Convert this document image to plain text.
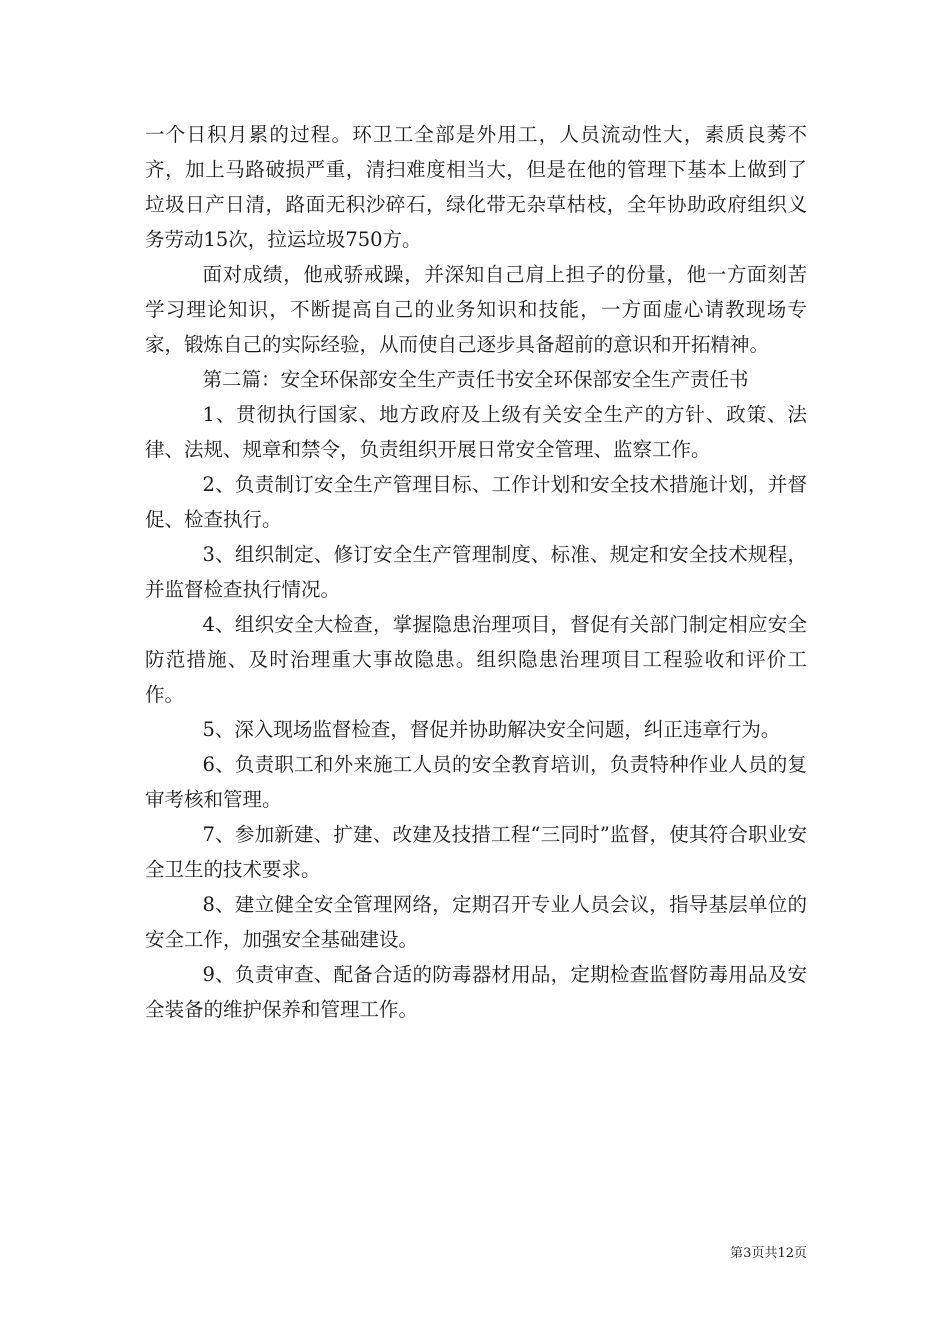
一个日积月累的过程。环卫工全部是外用工，人员流动性大，素质良莠不齐，加上马路破损严重，清扫难度相当大，但是在他的管理下基本上做到了垃圾日产日清，路面无积沙碎石，绿化带无杂草枯枝，全年协助政府组织义务劳动15次，拉运垃圾750方。

面对成绩，他戒骄戒躁，并深知自己肩上担子的份量，他一方面刻苦学习理论知识，不断提高自己的业务知识和技能，一方面虚心请教现场专家，锻炼自己的实际经验，从而使自己逐步具备超前的意识和开拓精神。

第二篇：安全环保部安全生产责任书安全环保部安全生产责任书

1、贯彻执行国家、地方政府及上级有关安全生产的方针、政策、法律、法规、规章和禁令，负责组织开展日常安全管理、监察工作。

2、负责制订安全生产管理目标、工作计划和安全技术措施计划，并督促、检查执行。

3、组织制定、修订安全生产管理制度、标准、规定和安全技术规程，并监督检查执行情况。

4、组织安全大检查，掌握隐患治理项目，督促有关部门制定相应安全防范措施、及时治理重大事故隐患。组织隐患治理项目工程验收和评价工作。

5、深入现场监督检查，督促并协助解决安全问题，纠正违章行为。

6、负责职工和外来施工人员的安全教育培训，负责特种作业人员的复审考核和管理。

7、参加新建、扩建、改建及技措工程“三同时”监督，使其符合职业安全卫生的技术要求。

8、建立健全安全管理网络，定期召开专业人员会议，指导基层单位的安全工作，加强安全基础建设。

9、负责审查、配备合适的防毒器材用品，定期检查监督防毒用品及安全装备的维护保养和管理工作。

第3页共12页
